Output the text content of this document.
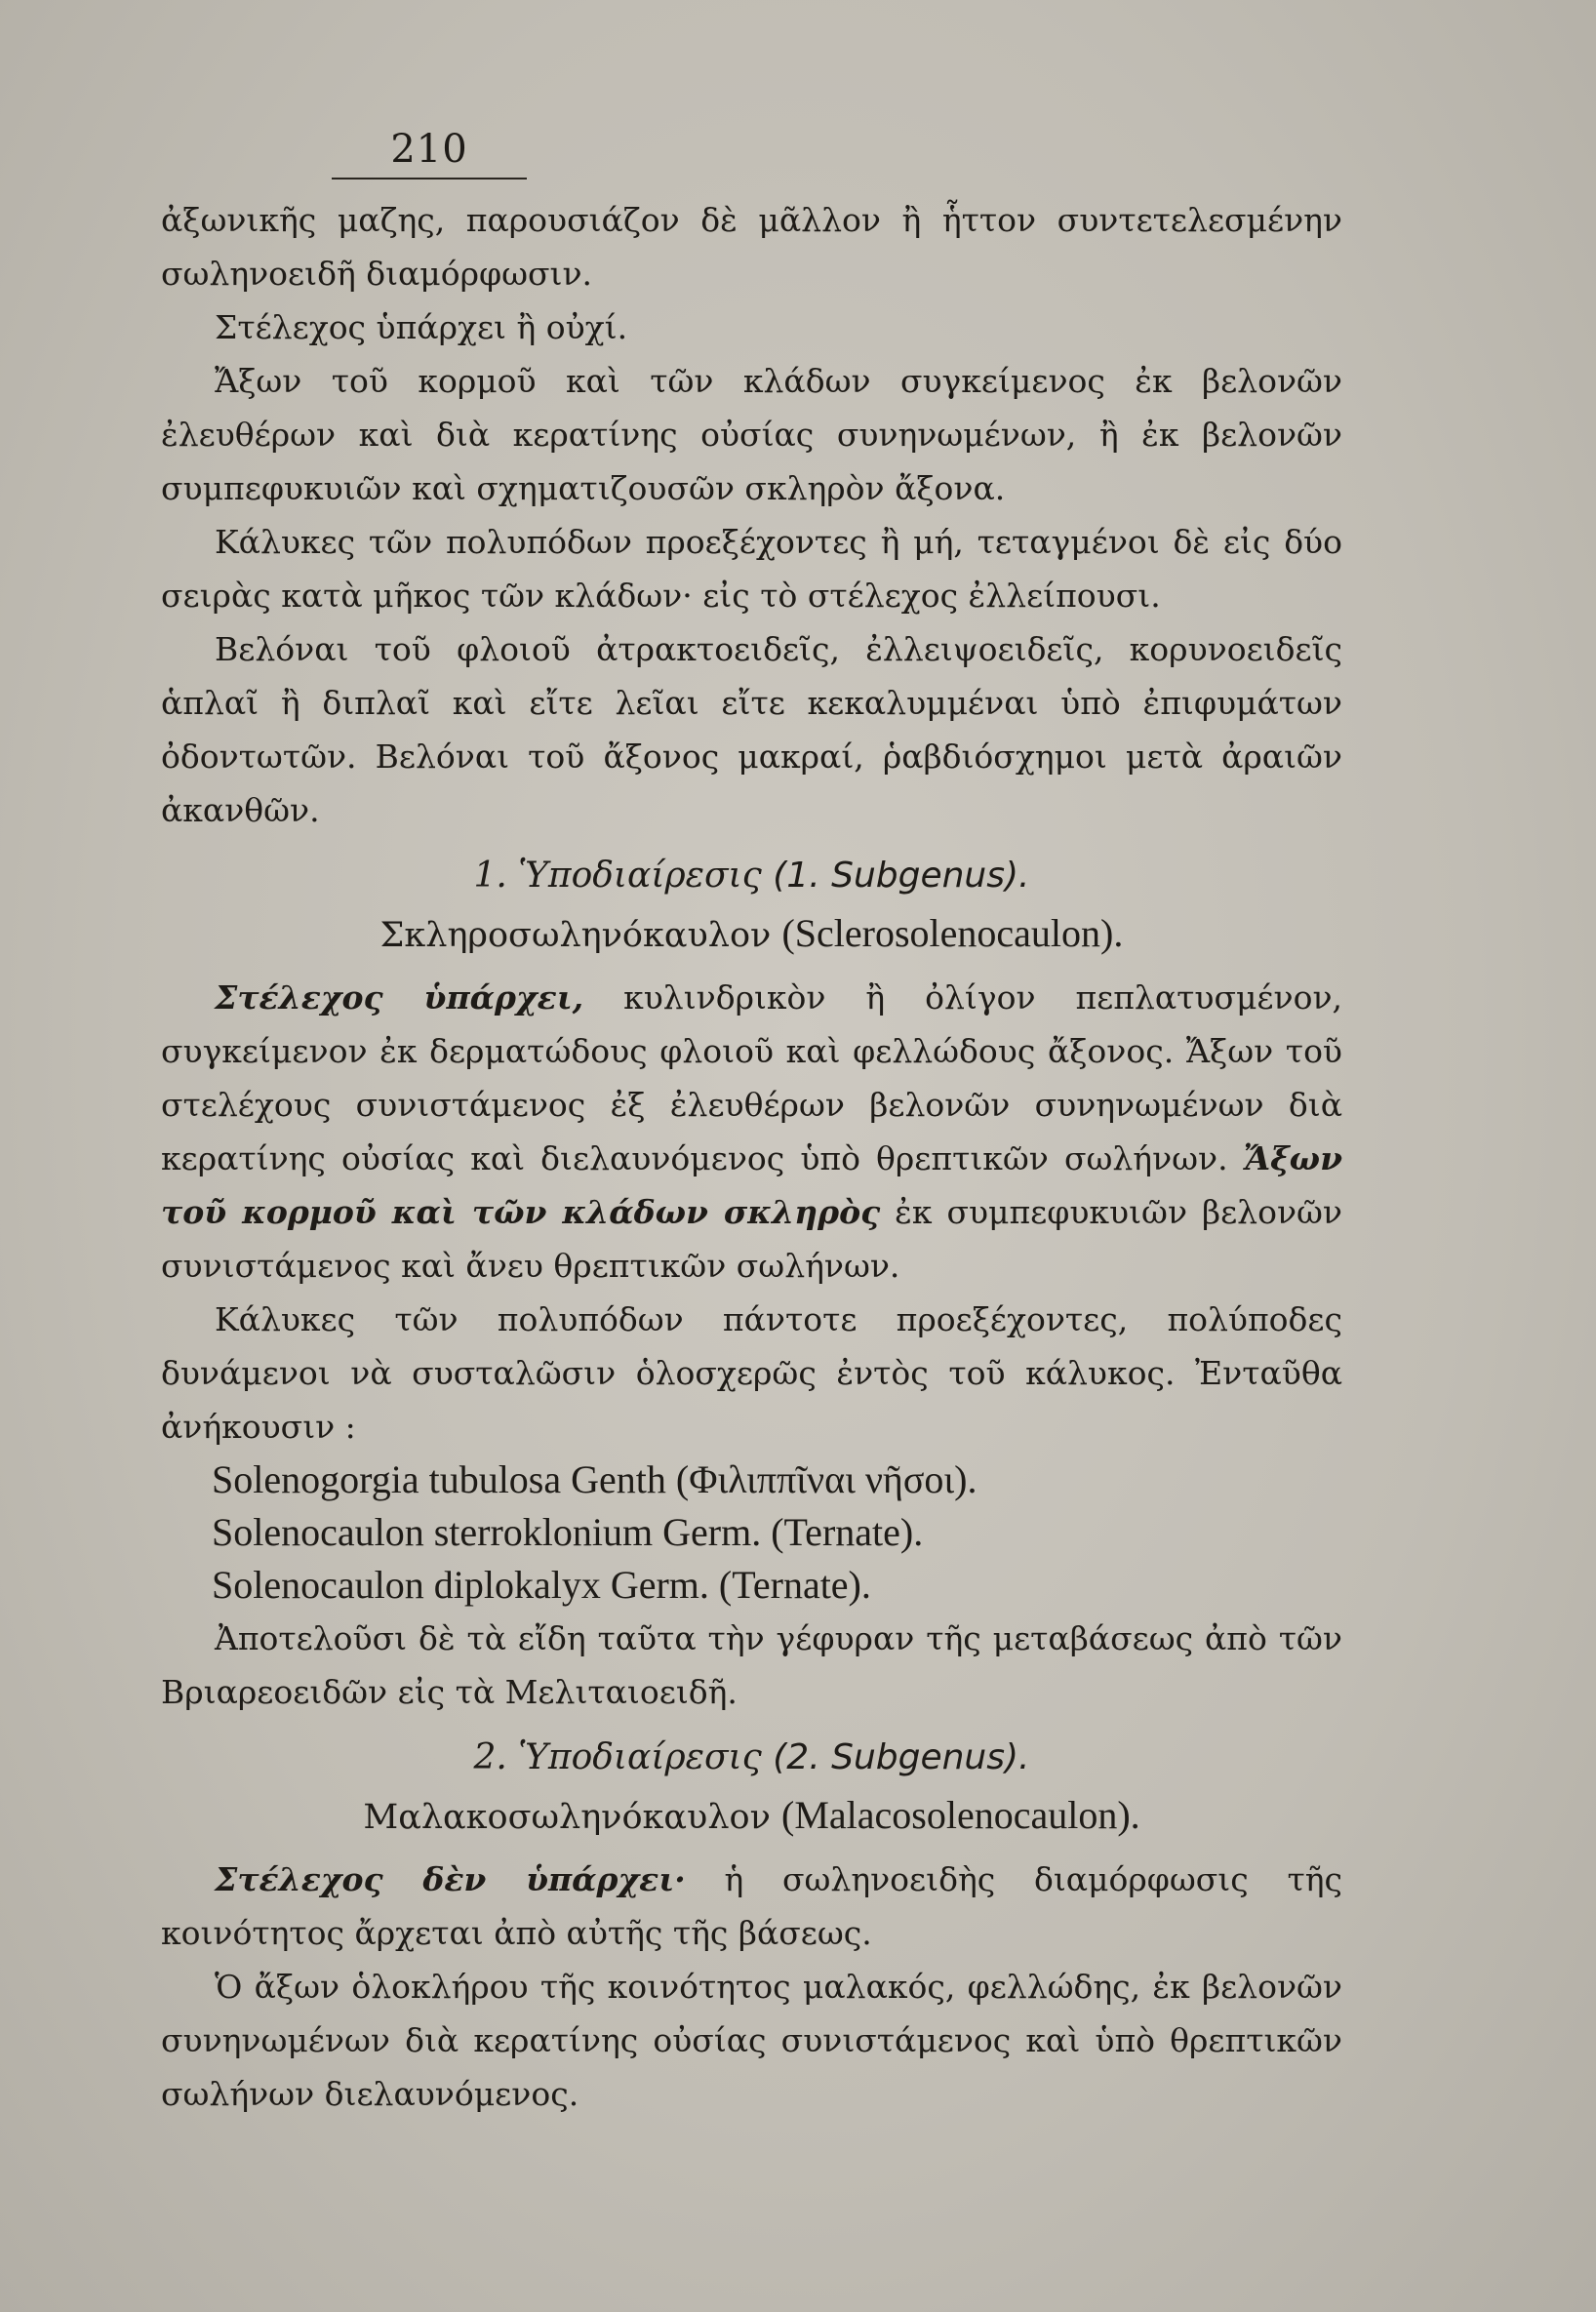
210

ἀξωνικῆς μαζης, παρουσιάζον δὲ μᾶλλον ἢ ἧττον συντετελεσμένην σωληνοειδῆ διαμόρφωσιν.

Στέλεχος ὑπάρχει ἢ οὐχί.

Ἄξων τοῦ κορμοῦ καὶ τῶν κλάδων συγκείμενος ἐκ βελονῶν ἐλευθέρων καὶ διὰ κερατίνης οὐσίας συνηνωμένων, ἢ ἐκ βελονῶν συμπεφυκυιῶν καὶ σχηματιζουσῶν σκληρὸν ἄξονα.

Κάλυκες τῶν πολυπόδων προεξέχοντες ἢ μή, τεταγμένοι δὲ εἰς δύο σειρὰς κατὰ μῆκος τῶν κλάδων· εἰς τὸ στέλεχος ἐλλείπουσι.

Βελόναι τοῦ φλοιοῦ ἀτρακτοειδεῖς, ἐλλειψοειδεῖς, κορυνοειδεῖς ἁπλαῖ ἢ διπλαῖ καὶ εἴτε λεῖαι εἴτε κεκαλυμμέναι ὑπὸ ἐπιφυμάτων ὀδοντωτῶν. Βελόναι τοῦ ἄξονος μακραί, ῥαβδιόσχημοι μετὰ ἀραιῶν ἀκανθῶν.

1. Ὑποδιαίρεσις (1. Subgenus).
Σκληροσωληνόκαυλον (Sclerosolenocaulon).

Στέλεχος ὑπάρχει, κυλινδρικὸν ἢ ὀλίγον πεπλατυσμένον, συγκείμενον ἐκ δερματώδους φλοιοῦ καὶ φελλώδους ἄξονος. Ἄξων τοῦ στελέχους συνιστάμενος ἐξ ἐλευθέρων βελονῶν συνηνωμένων διὰ κερατίνης οὐσίας καὶ διελαυνόμενος ὑπὸ θρεπτικῶν σωλήνων. Ἄξων τοῦ κορμοῦ καὶ τῶν κλάδων σκληρὸς ἐκ συμπεφυκυιῶν βελονῶν συνιστάμενος καὶ ἄνευ θρεπτικῶν σωλήνων.

Κάλυκες τῶν πολυπόδων πάντοτε προεξέχοντες, πολύποδες δυνάμενοι νὰ συσταλῶσιν ὁλοσχερῶς ἐντὸς τοῦ κάλυκος. Ἐνταῦθα ἀνήκουσιν :

Solenogorgia tubulosa Genth (Φιλιππῖναι νῆσοι).
Solenocaulon sterroklonium Germ. (Ternate).
Solenocaulon diplokalyx Germ. (Ternate).

Ἀποτελοῦσι δὲ τὰ εἴδη ταῦτα τὴν γέφυραν τῆς μεταβάσεως ἀπὸ τῶν Βριαρεοειδῶν εἰς τὰ Μελιταιοειδῆ.

2. Ὑποδιαίρεσις (2. Subgenus).
Μαλακοσωληνόκαυλον (Malacosolenocaulon).

Στέλεχος δὲν ὑπάρχει· ἡ σωληνοειδὴς διαμόρφωσις τῆς κοινότητος ἄρχεται ἀπὸ αὐτῆς τῆς βάσεως.

Ὁ ἄξων ὁλοκλήρου τῆς κοινότητος μαλακός, φελλώδης, ἐκ βελονῶν συνηνωμένων διὰ κερατίνης οὐσίας συνιστάμενος καὶ ὑπὸ θρεπτικῶν σωλήνων διελαυνόμενος.
